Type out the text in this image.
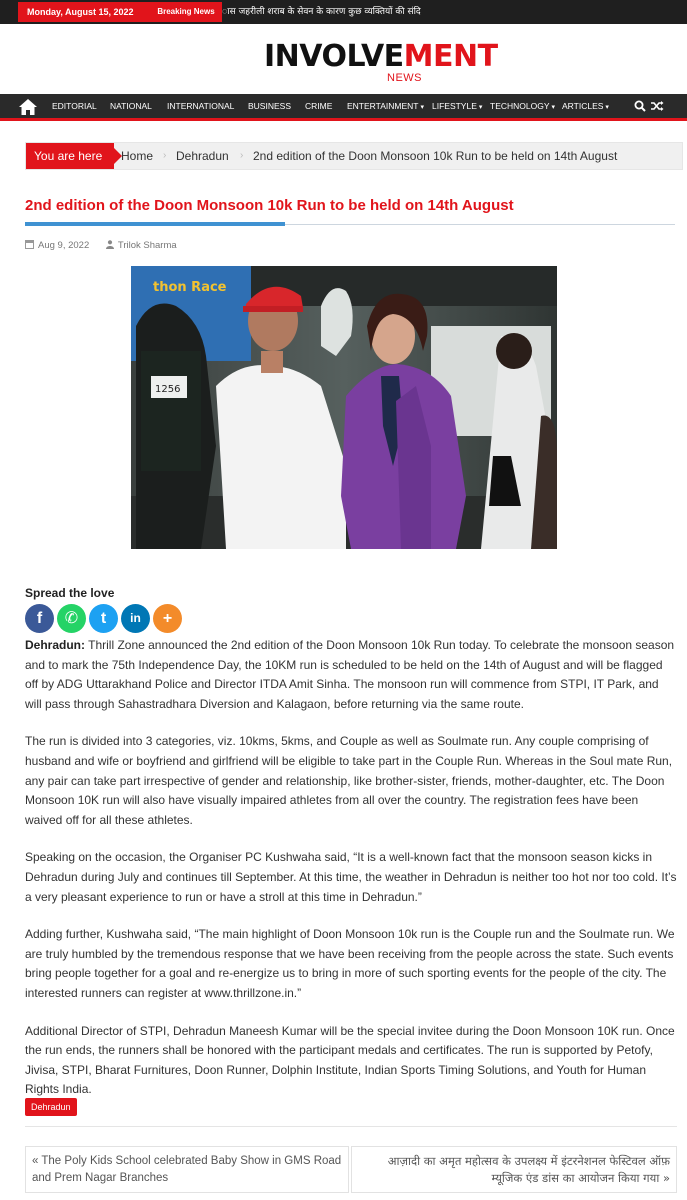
Monday, August 15, 2022	Breaking News ास जहरीली शराब के सेवन के कारण कुछ व्यक्तियों की संदि
INVOLVEMENT
NEWS
EDITORIAL NATIONAL INTERNATIONAL BUSINESS CRIME ENTERTAINMENT ▾ LIFESTYLE ▾ TECHNOLOGY ▾ ARTICLES ▾
You are here	Home › Dehradun › 2nd edition of the Doon Monsoon 10k Run to be held on 14th August
2nd edition of the Doon Monsoon 10k Run to be held on 14th August
Aug 9, 2022	Trilok Sharma
thon Race
1256
Spread the love
f	✆	t	in	+

Dehradun: Thrill Zone announced the 2nd edition of the Doon Monsoon 10k Run today. To celebrate the monsoon season and to mark the 75th Independence Day, the 10KM run is scheduled to be held on the 14th of August and will be flagged off by ADG Uttarakhand Police and Director ITDA Amit Sinha. The monsoon run will commence from STPI, IT Park, and will pass through Sahastradhara Diversion and Kalagaon, before returning via the same route.

The run is divided into 3 categories, viz. 10kms, 5kms, and Couple as well as Soulmate run. Any couple comprising of husband and wife or boyfriend and girlfriend will be eligible to take part in the Couple Run. Whereas in the Soul mate Run, any pair can take part irrespective of gender and relationship, like brother-sister, friends, mother-daughter, etc. The Doon Monsoon 10K run will also have visually impaired athletes from all over the country. The registration fees have been waived off for all these athletes.

Speaking on the occasion, the Organiser PC Kushwaha said, “It is a well-known fact that the monsoon season kicks in Dehradun during July and continues till September. At this time, the weather in Dehradun is neither too hot nor too cold. It’s a very pleasant experience to run or have a stroll at this time in Dehradun.”

Adding further, Kushwaha said, “The main highlight of Doon Monsoon 10k run is the Couple run and the Soulmate run. We are truly humbled by the tremendous response that we have been receiving from the people across the state. Such events bring people together for a goal and re-energize us to bring in more of such sporting events for the people of the city. The interested runners can register at www.thrillzone.in.”

Additional Director of STPI, Dehradun Maneesh Kumar will be the special invitee during the Doon Monsoon 10K run. Once the run ends, the runners shall be honored with the participant medals and certificates. The run is supported by Petofy, Jivisa, STPI, Bharat Furnitures, Doon Runner, Dolphin Institute, Indian Sports Timing Solutions, and Youth for Human Rights India.

Dehradun
« The Poly Kids School celebrated Baby Show in GMS Road and Prem Nagar Branches
आज़ादी का अमृत महोत्सव के उपलक्ष्य में इंटरनेशनल फेस्टिवल ऑफ़ म्यूजिक एंड डांस का आयोजन किया गया »
